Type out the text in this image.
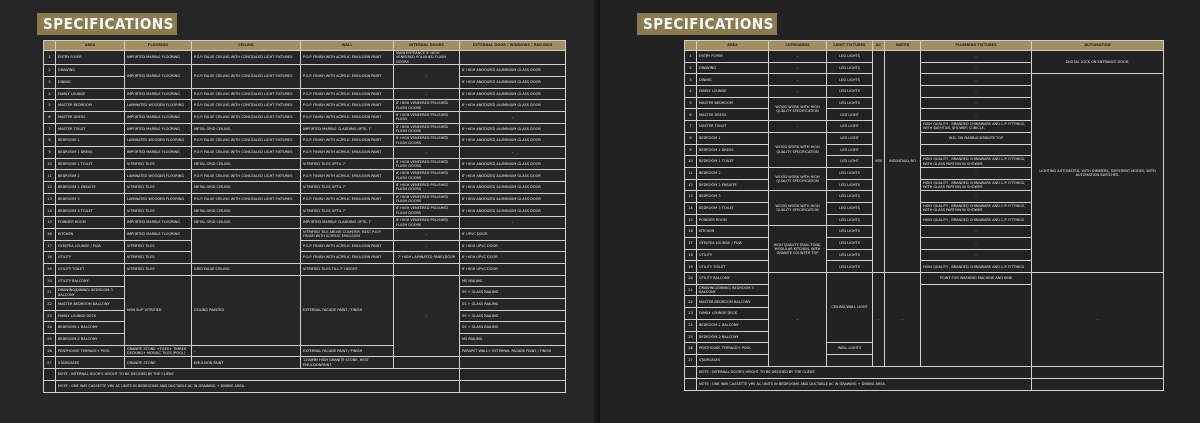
SPECIFICATIONS
	AREA	FLOORING	CEILING	WALL	INTERNAL DOORS	EXTERNAL DOOR / WINDOWS / RAILINGS
1	ENTRY FOYER	IMPORTED MARBLE FLOORING	P.O.P. FALSE CEILING WITH CONCEALED LIGHT FIXTURES	P.O.P. FINISH WITH ACRYLIC EMULSION PAINT	MAIN ENTRANCE 8' HIGH VENEERED POLISHED FLUSH DOORS	
2	DRAWING	IMPORTED MARBLE FLOORING	P.O.P. FALSE CEILING WITH CONCEALED LIGHT FIXTURES	P.O.P. FINISH WITH ACRYLIC EMULSION PAINT	-	8' HIGH ANODIZED ALUMINIUM GLASS DOOR
3	DINING					8' HIGH ANODIZED ALUMINIUM GLASS DOOR
4	FAMILY LOUNGE	IMPORTED MARBLE FLOORING	P.O.P. FALSE CEILING WITH CONCEALED LIGHT FIXTURES	P.O.P. FINISH WITH ACRYLIC EMULSION PAINT	-	8' HIGH ANODIZED ALUMINIUM GLASS DOOR
5	MASTER BEDROOM	LAMINATED WOODEN FLOORING	P.O.P. FALSE CEILING WITH CONCEALED LIGHT FIXTURES	P.O.P. FINISH WITH ACRYLIC EMULSION PAINT	8' HIGH VENEERED POLISHED FLUSH DOORS	8' HIGH ANODIZED ALUMINIUM GLASS DOOR
6	MASTER DRESS	IMPORTED MARBLE FLOORING	P.O.P. FALSE CEILING WITH CONCEALED LIGHT FIXTURES	P.O.P. FINISH WITH ACRYLIC EMULSION PAINT	8' HIGH VENEERED POLISHED FLUSH	-
7	MASTER TOILET	IMPORTED MARBLE FLOORING	METAL GRID CEILING	IMPORTED MARBLE CLADDING UPTIL 7'	8' HIGH VENEERED POLISHED FLUSH DOORS	8' HIGH ANODIZED ALUMINIUM GLASS DOOR
8	BEDROOM 1	LAMINATED WOODEN FLOORING	P.O.P. FALSE CEILING WITH CONCEALED LIGHT FIXTURES	P.O.P. FINISH WITH ACRYLIC EMULSION PAINT	8' HIGH VENEERED POLISHED FLUSH DOORS	8' HIGH ANODIZED ALUMINIUM GLASS DOOR
9	BEDROOM 1 DRESS	IMPORTED MARBLE FLOORING	P.O.P. FALSE CEILING WITH CONCEALED LIGHT FIXTURES	P.O.P. FINISH WITH ACRYLIC EMULSION PAINT	-	-
10	BEDROOM 1 TOILET	VITRIFIED TILES	METAL GRID CEILING	VITRIFIED TILES UPTIL 7'	8' HIGH VENEERED POLISHED FLUSH DOORS	8' HIGH ANODIZED ALUMINIUM GLASS DOOR
11	BEDROOM 2	LAMINATED WOODEN FLOORING	P.O.P. FALSE CEILING WITH CONCEALED LIGHT FIXTURES	P.O.P. FINISH WITH ACRYLIC EMULSION PAINT	8' HIGH VENEERED POLISHED FLUSH DOORS	8' HIGH ANODIZED ALUMINIUM GLASS DOOR
12	BEDROOM 2 ENSUITE	VITRIFIED TILES	METAL GRID CEILING	VITRIFIED TILES UPTIL 7'	8' HIGH VENEERED POLISHED FLUSH DOORS	8' HIGH ANODIZED ALUMINIUM GLASS DOOR
13	BEDROOM 3	LAMINATED WOODEN FLOORING	P.O.P. FALSE CEILING WITH CONCEALED LIGHT FIXTURES	P.O.P. FINISH WITH ACRYLIC EMULSION PAINT	8' HIGH VENEERED POLISHED FLUSH DOORS	8' HIGH ANODIZED ALUMINIUM GLASS DOOR
14	BEDROOM 3 TOILET	VITRIFIED TILES	METAL GRID CEILING	VITRIFIED TILES UPTIL 7'	8' HIGH VENEERED POLISHED FLUSH DOORS	8' HIGH ANODIZED ALUMINIUM GLASS DOOR
15	POWDER ROOM	IMPORTED MARBLE FLOORING	METAL GRID CEILING	IMPORTED MARBLE CLADDING UPTIL 7'	8' HIGH VENEERED POLISHED FLUSH DOORS	-
16	KITCHEN	IMPORTED MARBLE FLOORING		VITRIFIED TILE ABOVE COUNTER, REST P.O.P. FINISH WITH ACRYLIC EMULSION	-	8' UPVC DOOR
17	GYM/TEA LOUNGE / PUJA	VITRIFIED TILES		P.O.P. FINISH WITH ACRYLIC EMULSION PAINT	-	8' HIGH UPVC DOOR
18	UTILITY	VITRIFIED TILES		P.O.P. FINISH WITH ACRYLIC EMULSION PAINT	7' HIGH LAMINATED PANELDOOR	8' HIGH UPVC DOOR
19	UTILITY TOILET	VITRIFIED TILES	GRID FALSE CEILING	VITRIFIED TILES TILL 7' HEIGHT		8' HIGH UPVC DOOR
20	UTILITY BALCONY	NON SLIP VITRIFIED	CEILING PAINTED	EXTERNAL FACADE PAINT / FINISH	-	MS RAILING
21	DRAWING/DINING/ BEDROOM 3 BALCONY					SS + GLASS RAILING
22	MASTER BEDROOM BALCONY					SS + GLASS RAILING
23	FAMILY LOUNGE DECK					SS + GLASS RAILING
24	BEDROOM-1 BALCONY					SS + GLASS RAILING
25	BEDROOM-2 BALCONY					MS RAILING
26	PENTHOUSE TERRACE+ POOL	GRANITE STONE +TILES+ TIMBER DECKING+ MOSAIC TILES (POOL)	-	EXTERNAL FACADE PAINT / FINISH		PARAPET WALL+ EXTERNAL FACADE PAINT / FINISH
27	STAIRCASES	GRANITE STONE	EMULSION PAINT	1200MM HIGH GRANITE STONE, REST EMULSIONPAINT.		
	NOTE : INTERNAL DOOR'S HEIGHT TO BE DECIDED BY THE CLIENT.					
	NOTE : ONE WAY CASSETTE VRV AC UNITS IN BEDROOMS AND DUCTABLE AC IN DRAWING + DINING AREA.					
SPECIFICATIONS
	AREA	CUPBOARDS	LIGHT FIXTURES	AC	WATER	PLUMBING FIXTURES	AUTOMATION
1	ENTRY FOYER	-	LED LIGHTS	VRV	INDIVIDUAL RO	-	DIGITAL LOCK ON ENTRANCE DOOR.
2	DRAWING	-	LED LIGHTS			-	
3	DINING	-	LED LIGHTS			-	LIGHTING AUTOMATED, WITH DIMMERS, DIFFERENT MODES, WITH AUTOMATION SWITCHES.
4	FAMILY LOUNGE	-	LED LIGHTS			-	
5	MASTER BEDROOM	WOOD WORK WITH HIGH QUALITY SPECIFICATION	LED LIGHTS			-	
6	MASTER DRESS		LED LIGHT			-	
7	MASTER TOILET	-	LED LIGHT			HIGH QUALITY , BRANDED CHINAWARE AND C.P. FITTINGS, WITH BATHTUB, SHOWER CUBICLE.	
8	BEDROOM 1	WOOD WORK WITH HIGH QUALITY SPECIFICATION	LED LIGHT			W.D. ON MARBLE/GRANITE TOP	
9	BEDROOM 1 DRESS		LED LIGHT				
10	BEDROOM 1 TOILET		LED LIGHT			HIGH QUALITY , BRANDED CHINAWARE AND C.P. FITTINGS, WITH GLASS PARTION IN SHOWER	
11	BEDROOM 2	WOOD WORK WITH HIGH QUALITY SPECIFICATION	LED LIGHTS			-	
12	BEDROOM 2 ENSUITE		LED LIGHTS			HIGH QUALITY , BRANDED CHINAWARE AND C.P. FITTINGS, WITH GLASS PARTION IN SHOWER	
13	BEDROOM 3	WOOD WORK WITH HIGH QUALITY SPECIFICATION	LED LIGHTS			-	
14	BEDROOM 3 TOILET		LED LIGHTS			HIGH QUALITY , BRANDED CHINAWARE AND C.P. FITTINGS, WITH GLASS PARTION IN SHOWER	
15	POWDER ROOM		LED LIGHTS			HIGH QUALITY , BRANDED CHINAWARE AND C.P. FITTINGS	
16	KITCHEN	HIGH QUALITY DUAL TONE, MODULAR KITCHEN, WITH GRANITE COUNTER TOP	LED LIGHTS			-	
17	GYM/TEA LOUNGE / PUJA		LED LIGHTS			-	
18	UTILITY		LED LIGHTS			-	
19	UTILITY TOILET		LED LIGHTS			HIGH QUALITY , BRANDED CHINAWARE AND C.P. FITTINGS	
20	UTILITY BALCONY	-	CEILING/WALL LIGHT	-	-	POINT FOR WASHING MACHINE AND SINK	-
21	DRAWING/DINING/ BEDROOM 3 BALCONY						
22	MASTER BEDROOM BALCONY						
23	FAMILY LOUNGE DECK						
24	BEDROOM-1 BALCONY						
25	BEDROOM-2 BALCONY						
26	PENTHOUSE TERRACE+ POOL		WALL LIGHTS				
27	STAIRCASES						
	NOTE : INTERNAL DOOR'S HEIGHT TO BE DECIDED BY THE CLIENT.						
	NOTE : ONE WAY CASSETTE VRV AC UNITS IN BEDROOMS AND DUCTABLE AC IN DRAWING + DINING AREA.						
